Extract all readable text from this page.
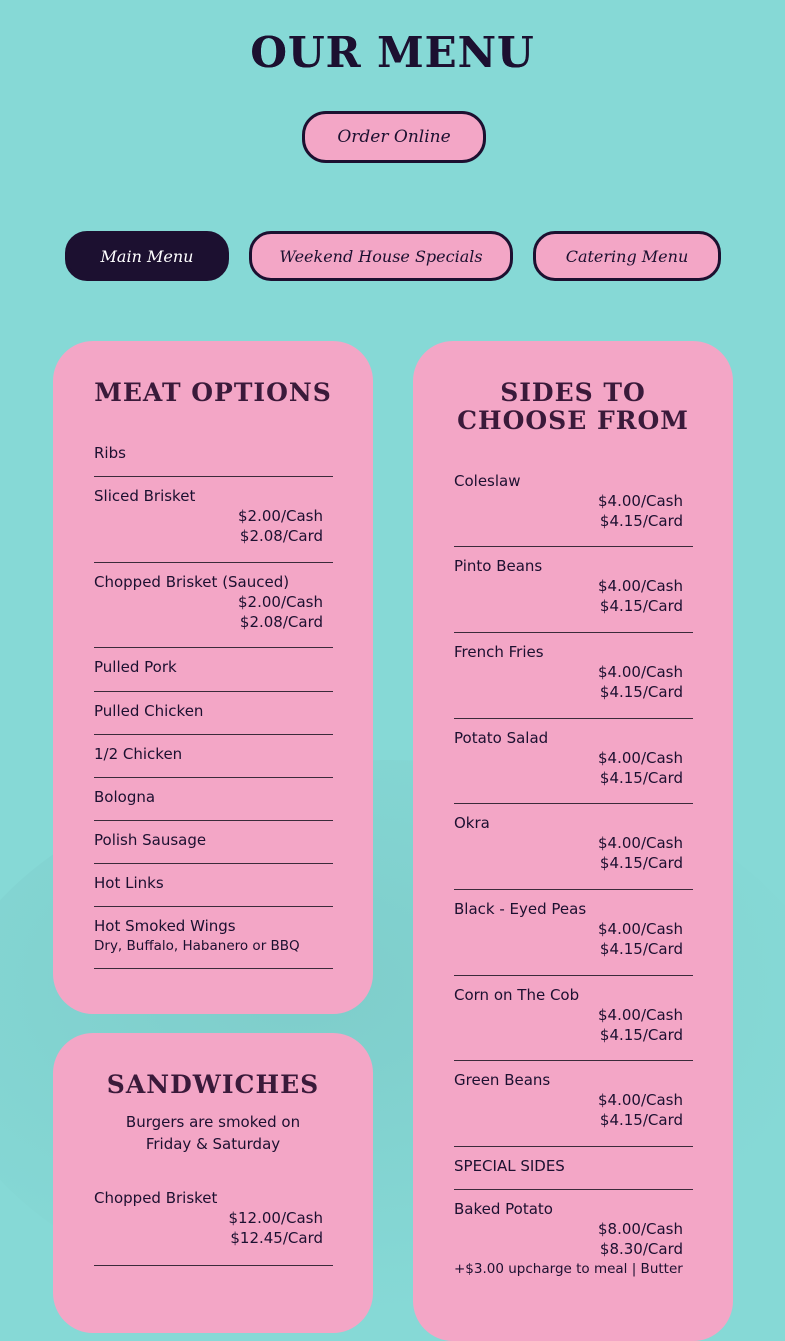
OUR MENU
Order Online
Main Menu	Weekend House Specials	Catering Menu
MEAT OPTIONS
Ribs
Sliced Brisket
$2.00/Cash
$2.08/Card
Chopped Brisket (Sauced)
$2.00/Cash
$2.08/Card
Pulled Pork
Pulled Chicken
1/2 Chicken
Bologna
Polish Sausage
Hot Links
Hot Smoked Wings
Dry, Buffalo, Habanero or BBQ
SANDWICHES
Burgers are smoked on Friday & Saturday
Chopped Brisket
$12.00/Cash
$12.45/Card
SIDES TO CHOOSE FROM
Coleslaw
$4.00/Cash
$4.15/Card
Pinto Beans
$4.00/Cash
$4.15/Card
French Fries
$4.00/Cash
$4.15/Card
Potato Salad
$4.00/Cash
$4.15/Card
Okra
$4.00/Cash
$4.15/Card
Black - Eyed Peas
$4.00/Cash
$4.15/Card
Corn on The Cob
$4.00/Cash
$4.15/Card
Green Beans
$4.00/Cash
$4.15/Card
SPECIAL SIDES
Baked Potato
$8.00/Cash
$8.30/Card
+$3.00 upcharge to meal | Butter
